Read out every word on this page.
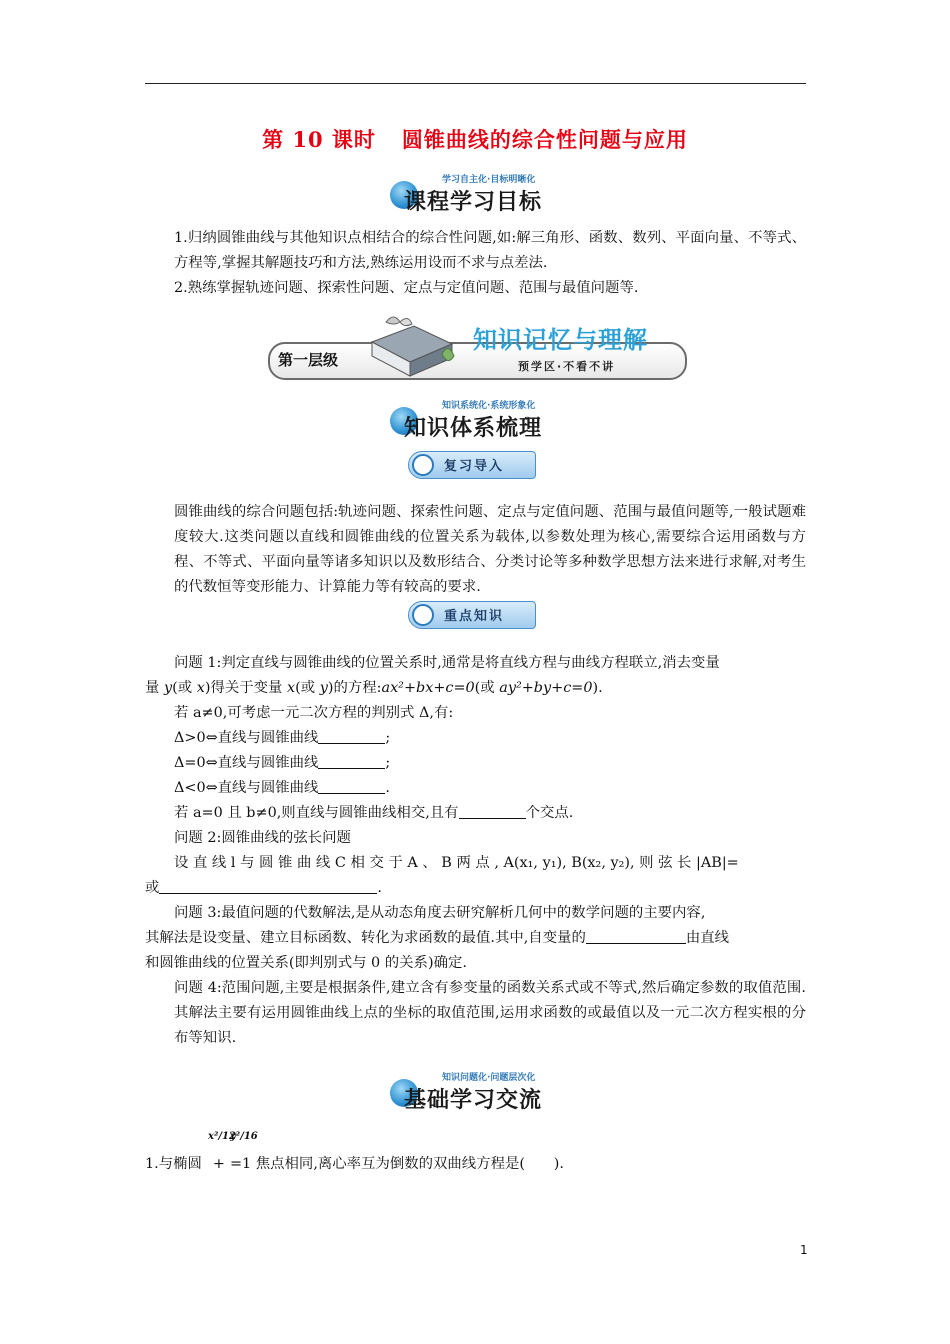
第 10 课时 圆锥曲线的综合性问题与应用
学习自主化·目标明晰化
课程学习目标
1.归纳圆锥曲线与其他知识点相结合的综合性问题,如:解三角形、函数、数列、平面向量、不等式、方程等,掌握其解题技巧和方法,熟练运用设而不求与点差法.
2.熟练掌握轨迹问题、探索性问题、定点与定值问题、范围与最值问题等.
第一层级
知识记忆与理解
预学区·不看不讲
知识系统化·系统形象化
知识体系梳理
复习导入
圆锥曲线的综合问题包括:轨迹问题、探索性问题、定点与定值问题、范围与最值问题等,一般试题难度较大.这类问题以直线和圆锥曲线的位置关系为载体,以参数处理为核心,需要综合运用函数与方程、不等式、平面向量等诸多知识以及数形结合、分类讨论等多种数学思想方法来进行求解,对考生的代数恒等变形能力、计算能力等有较高的要求.
重点知识
问题 1:判定直线与圆锥曲线的位置关系时,通常是将直线方程与曲线方程联立,消去变量
量 y(或 x)得关于变量 x(或 y)的方程:ax²+bx+c=0(或 ay²+by+c=0).
若 a≠0,可考虑一元二次方程的判别式 Δ,有:
Δ>0⇔直线与圆锥曲线	;
Δ=0⇔直线与圆锥曲线	;
Δ<0⇔直线与圆锥曲线	.
若 a=0 且 b≠0,则直线与圆锥曲线相交,且有	个交点.
问题 2:圆锥曲线的弦长问题
设 直 线 l 与 圆 锥 曲 线 C 相 交 于 A 、 B 两 点 , A(x₁, y₁), B(x₂, y₂), 则 弦 长 |AB|=
或	.
问题 3:最值问题的代数解法,是从动态角度去研究解析几何中的数学问题的主要内容,
其解法是设变量、建立目标函数、转化为求函数的最值.其中,自变量的	由直线
和圆锥曲线的位置关系(即判别式与 0 的关系)确定.
问题 4:范围问题,主要是根据条件,建立含有参变量的函数关系式或不等式,然后确定参数的取值范围.其解法主要有运用圆锥曲线上点的坐标的取值范围,运用求函数的或最值以及一元二次方程实根的分布等知识.
知识问题化·问题层次化
基础学习交流
x²/12
y²/16
1.与椭圆 + =1 焦点相同,离心率互为倒数的双曲线方程是(　　).
1
